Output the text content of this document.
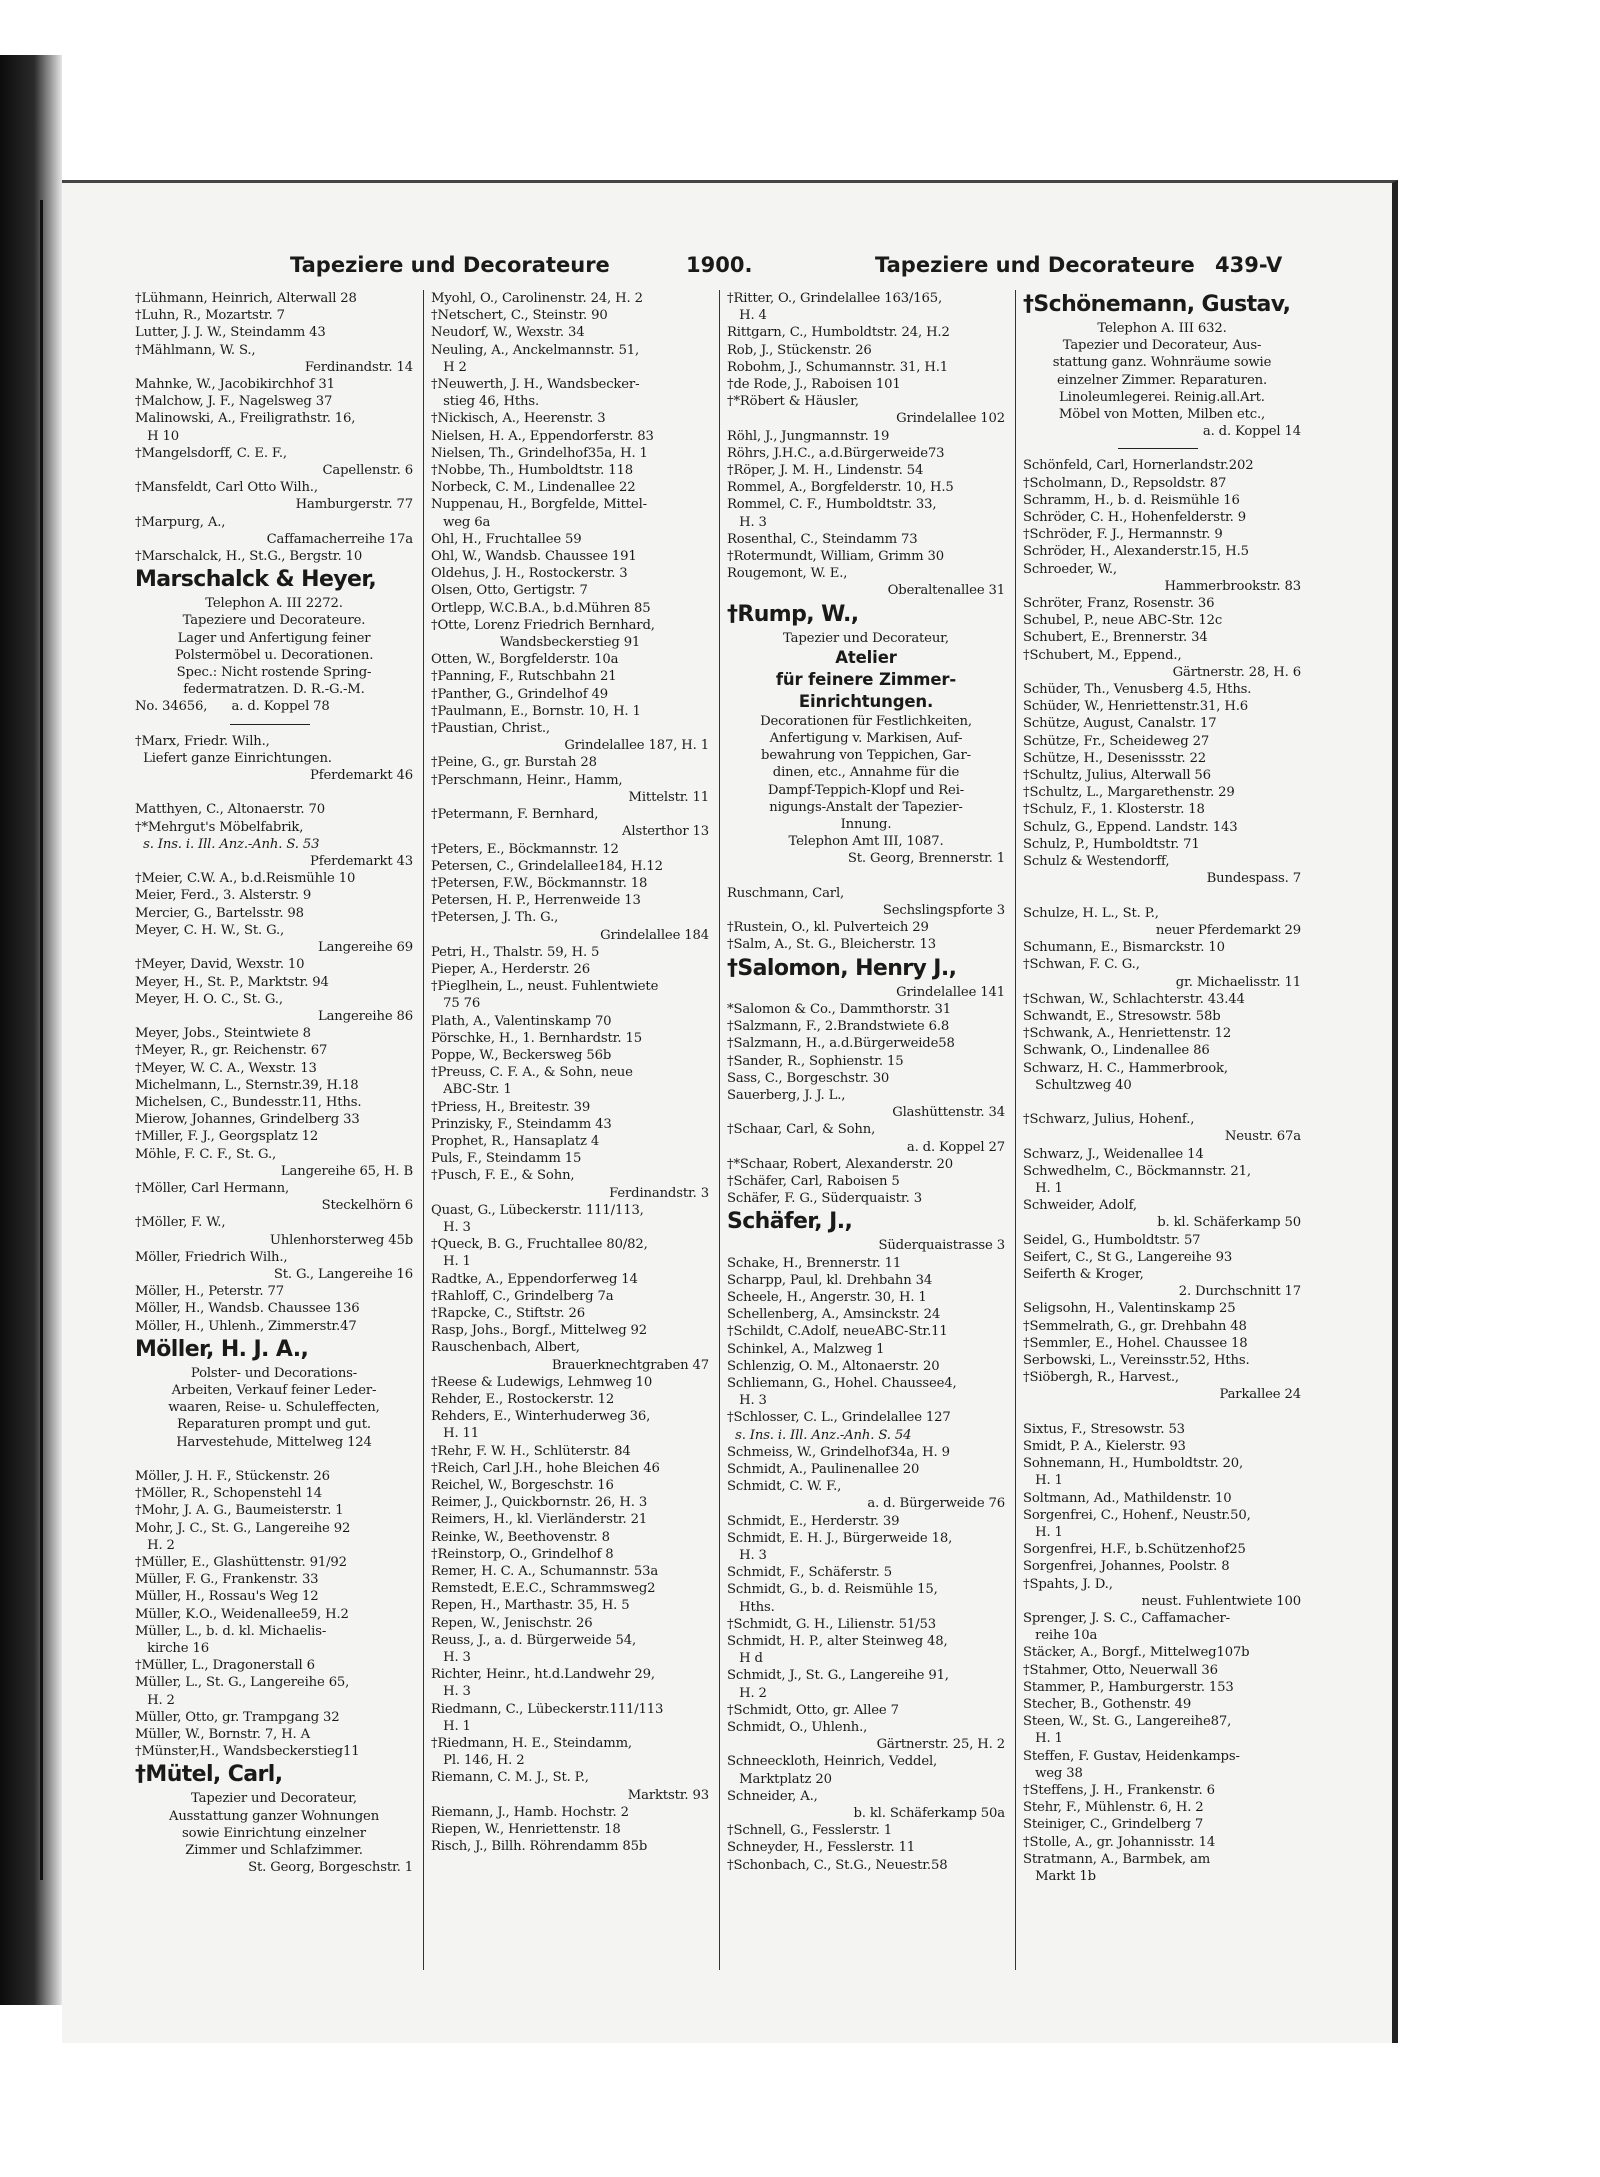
Tapeziere und Decorateure	1900.	Tapeziere und Decorateure 439-V
†Lühmann, Heinrich, Alterwall 28
†Luhn, R., Mozartstr. 7
Lutter, J. J. W., Steindamm 43
†Mählmann, W. S.,
Ferdinandstr. 14
Mahnke, W., Jacobikirchhof 31
†Malchow, J. F., Nagelsweg 37
Malinowski, A., Freiligrathstr. 16,
H 10
†Mangelsdorff, C. E. F.,
Capellenstr. 6
†Mansfeldt, Carl Otto Wilh.,
Hamburgerstr. 77
†Marpurg, A.,
Caffamacherreihe 17a
†Marschalck, H., St.G., Bergstr. 10
Marschalck & Heyer,
Telephon A. III 2272.
Tapeziere und Decorateure.
Lager und Anfertigung feiner
Polstermöbel u. Decorationen.
Spec.: Nicht rostende Spring-
federmatratzen. D. R.-G.-M.
No. 34656,      a. d. Koppel 78
†Marx, Friedr. Wilh.,
Liefert ganze Einrichtungen.
Pferdemarkt 46
Matthyen, C., Altonaerstr. 70
†*Mehrgut's Möbelfabrik,
s. Ins. i. Ill. Anz.-Anh. S. 53
Pferdemarkt 43
†Meier, C.W. A., b.d.Reismühle 10
Meier, Ferd., 3. Alsterstr. 9
Mercier, G., Bartelsstr. 98
Meyer, C. H. W., St. G.,
Langereihe 69
†Meyer, David, Wexstr. 10
Meyer, H., St. P., Marktstr. 94
Meyer, H. O. C., St. G.,
Langereihe 86
Meyer, Jobs., Steintwiete 8
†Meyer, R., gr. Reichenstr. 67
†Meyer, W. C. A., Wexstr. 13
Michelmann, L., Sternstr.39, H.18
Michelsen, C., Bundesstr.11, Hths.
Mierow, Johannes, Grindelberg 33
†Miller, F. J., Georgsplatz 12
Möhle, F. C. F., St. G.,
Langereihe 65, H. B
†Möller, Carl Hermann,
Steckelhörn 6
†Möller, F. W.,
Uhlenhorsterweg 45b
Möller, Friedrich Wilh.,
St. G., Langereihe 16
Möller, H., Peterstr. 77
Möller, H., Wandsb. Chaussee 136
Möller, H., Uhlenh., Zimmerstr.47
Möller, H. J. A.,
Polster- und Decorations-
Arbeiten, Verkauf feiner Leder-
waaren, Reise- u. Schuleffecten,
Reparaturen prompt und gut.
Harvestehude, Mittelweg 124
Möller, J. H. F., Stückenstr. 26
†Möller, R., Schopenstehl 14
†Mohr, J. A. G., Baumeisterstr. 1
Mohr, J. C., St. G., Langereihe 92
H. 2
†Müller, E., Glashüttenstr. 91/92
Müller, F. G., Frankenstr. 33
Müller, H., Rossau's Weg 12
Müller, K.O., Weidenallee59, H.2
Müller, L., b. d. kl. Michaelis-
kirche 16
†Müller, L., Dragonerstall 6
Müller, L., St. G., Langereihe 65,
H. 2
Müller, Otto, gr. Trampgang 32
Müller, W., Bornstr. 7, H. A
†Münster,H., Wandsbeckerstieg11
†Mütel, Carl,
Tapezier und Decorateur,
Ausstattung ganzer Wohnungen
sowie Einrichtung einzelner
Zimmer und Schlafzimmer.
St. Georg, Borgeschstr. 1
Myohl, O., Carolinenstr. 24, H. 2
†Netschert, C., Steinstr. 90
Neudorf, W., Wexstr. 34
Neuling, A., Anckelmannstr. 51,
H 2
†Neuwerth, J. H., Wandsbecker-
stieg 46, Hths.
†Nickisch, A., Heerenstr. 3
Nielsen, H. A., Eppendorferstr. 83
Nielsen, Th., Grindelhof35a, H. 1
†Nobbe, Th., Humboldtstr. 118
Norbeck, C. M., Lindenallee 22
Nuppenau, H., Borgfelde, Mittel-
weg 6a
Ohl, H., Fruchtallee 59
Ohl, W., Wandsb. Chaussee 191
Oldehus, J. H., Rostockerstr. 3
Olsen, Otto, Gertigstr. 7
Ortlepp, W.C.B.A., b.d.Mühren 85
†Otte, Lorenz Friedrich Bernhard,
Wandsbeckerstieg 91
Otten, W., Borgfelderstr. 10a
†Panning, F., Rutschbahn 21
†Panther, G., Grindelhof 49
†Paulmann, E., Bornstr. 10, H. 1
†Paustian, Christ.,
Grindelallee 187, H. 1
†Peine, G., gr. Burstah 28
†Perschmann, Heinr., Hamm,
Mittelstr. 11
†Petermann, F. Bernhard,
Alsterthor 13
†Peters, E., Böckmannstr. 12
Petersen, C., Grindelallee184, H.12
†Petersen, F.W., Böckmannstr. 18
Petersen, H. P., Herrenweide 13
†Petersen, J. Th. G.,
Grindelallee 184
Petri, H., Thalstr. 59, H. 5
Pieper, A., Herderstr. 26
†Pieglhein, L., neust. Fuhlentwiete
75 76
Plath, A., Valentinskamp 70
Pörschke, H., 1. Bernhardstr. 15
Poppe, W., Beckersweg 56b
†Preuss, C. F. A., & Sohn, neue
ABC-Str. 1
†Priess, H., Breitestr. 39
Prinzisky, F., Steindamm 43
Prophet, R., Hansaplatz 4
Puls, F., Steindamm 15
†Pusch, F. E., & Sohn,
Ferdinandstr. 3
Quast, G., Lübeckerstr. 111/113,
H. 3
†Queck, B. G., Fruchtallee 80/82,
H. 1
Radtke, A., Eppendorferweg 14
†Rahloff, C., Grindelberg 7a
†Rapcke, C., Stiftstr. 26
Rasp, Johs., Borgf., Mittelweg 92
Rauschenbach, Albert,
Brauerknechtgraben 47
†Reese & Ludewigs, Lehmweg 10
Rehder, E., Rostockerstr. 12
Rehders, E., Winterhuderweg 36,
H. 11
†Rehr, F. W. H., Schlüterstr. 84
†Reich, Carl J.H., hohe Bleichen 46
Reichel, W., Borgeschstr. 16
Reimer, J., Quickbornstr. 26, H. 3
Reimers, H., kl. Vierländerstr. 21
Reinke, W., Beethovenstr. 8
†Reinstorp, O., Grindelhof 8
Remer, H. C. A., Schumannstr. 53a
Remstedt, E.E.C., Schrammsweg2
Repen, H., Marthastr. 35, H. 5
Repen, W., Jenischstr. 26
Reuss, J., a. d. Bürgerweide 54,
H. 3
Richter, Heinr., ht.d.Landwehr 29,
H. 3
Riedmann, C., Lübeckerstr.111/113
H. 1
†Riedmann, H. E., Steindamm,
Pl. 146, H. 2
Riemann, C. M. J., St. P.,
Marktstr. 93
Riemann, J., Hamb. Hochstr. 2
Riepen, W., Henriettenstr. 18
Risch, J., Billh. Röhrendamm 85b
†Ritter, O., Grindelallee 163/165,
H. 4
Rittgarn, C., Humboldtstr. 24, H.2
Rob, J., Stückenstr. 26
Robohm, J., Schumannstr. 31, H.1
†de Rode, J., Raboisen 101
†*Röbert & Häusler,
Grindelallee 102
Röhl, J., Jungmannstr. 19
Röhrs, J.H.C., a.d.Bürgerweide73
†Röper, J. M. H., Lindenstr. 54
Rommel, A., Borgfelderstr. 10, H.5
Rommel, C. F., Humboldtstr. 33,
H. 3
Rosenthal, C., Steindamm 73
†Rotermundt, William, Grimm 30
Rougemont, W. E.,
Oberaltenallee 31
†Rump, W.,
Tapezier und Decorateur,
Atelier
für feinere Zimmer-
Einrichtungen.
Decorationen für Festlichkeiten,
Anfertigung v. Markisen, Auf-
bewahrung von Teppichen, Gar-
dinen, etc., Annahme für die
Dampf-Teppich-Klopf und Rei-
nigungs-Anstalt der Tapezier-
Innung.
Telephon Amt III, 1087.
St. Georg, Brennerstr. 1
Ruschmann, Carl,
Sechslingspforte 3
†Rustein, O., kl. Pulverteich 29
†Salm, A., St. G., Bleicherstr. 13
†Salomon, Henry J.,
Grindelallee 141
*Salomon & Co., Dammthorstr. 31
†Salzmann, F., 2.Brandstwiete 6.8
†Salzmann, H., a.d.Bürgerweide58
†Sander, R., Sophienstr. 15
Sass, C., Borgeschstr. 30
Sauerberg, J. J. L.,
Glashüttenstr. 34
†Schaar, Carl, & Sohn,
a. d. Koppel 27
†*Schaar, Robert, Alexanderstr. 20
†Schäfer, Carl, Raboisen 5
Schäfer, F. G., Süderquaistr. 3
Schäfer, J.,
Süderquaistrasse 3
Schake, H., Brennerstr. 11
Scharpp, Paul, kl. Drehbahn 34
Scheele, H., Angerstr. 30, H. 1
Schellenberg, A., Amsinckstr. 24
†Schildt, C.Adolf, neueABC-Str.11
Schinkel, A., Malzweg 1
Schlenzig, O. M., Altonaerstr. 20
Schliemann, G., Hohel. Chaussee4,
H. 3
†Schlosser, C. L., Grindelallee 127
s. Ins. i. Ill. Anz.-Anh. S. 54
Schmeiss, W., Grindelhof34a, H. 9
Schmidt, A., Paulinenallee 20
Schmidt, C. W. F.,
a. d. Bürgerweide 76
Schmidt, E., Herderstr. 39
Schmidt, E. H. J., Bürgerweide 18,
H. 3
Schmidt, F., Schäferstr. 5
Schmidt, G., b. d. Reismühle 15,
Hths.
†Schmidt, G. H., Lilienstr. 51/53
Schmidt, H. P., alter Steinweg 48,
H d
Schmidt, J., St. G., Langereihe 91,
H. 2
†Schmidt, Otto, gr. Allee 7
Schmidt, O., Uhlenh.,
Gärtnerstr. 25, H. 2
Schneeckloth, Heinrich, Veddel,
Marktplatz 20
Schneider, A.,
b. kl. Schäferkamp 50a
†Schnell, G., Fesslerstr. 1
Schneyder, H., Fesslerstr. 11
†Schonbach, C., St.G., Neuestr.58
†Schönemann, Gustav,
Telephon A. III 632.
Tapezier und Decorateur, Aus-
stattung ganz. Wohnräume sowie
einzelner Zimmer. Reparaturen.
Linoleumlegerei. Reinig.all.Art.
Möbel von Motten, Milben etc.,
a. d. Koppel 14
Schönfeld, Carl, Hornerlandstr.202
†Scholmann, D., Repsoldstr. 87
Schramm, H., b. d. Reismühle 16
Schröder, C. H., Hohenfelderstr. 9
†Schröder, F. J., Hermannstr. 9
Schröder, H., Alexanderstr.15, H.5
Schroeder, W.,
Hammerbrookstr. 83
Schröter, Franz, Rosenstr. 36
Schubel, P., neue ABC-Str. 12c
Schubert, E., Brennerstr. 34
†Schubert, M., Eppend.,
Gärtnerstr. 28, H. 6
Schüder, Th., Venusberg 4.5, Hths.
Schüder, W., Henriettenstr.31, H.6
Schütze, August, Canalstr. 17
Schütze, Fr., Scheideweg 27
Schütze, H., Desenissstr. 22
†Schultz, Julius, Alterwall 56
†Schultz, L., Margarethenstr. 29
†Schulz, F., 1. Klosterstr. 18
Schulz, G., Eppend. Landstr. 143
Schulz, P., Humboldtstr. 71
Schulz & Westendorff,
Bundespass. 7
Schulze, H. L., St. P.,
neuer Pferdemarkt 29
Schumann, E., Bismarckstr. 10
†Schwan, F. C. G.,
gr. Michaelisstr. 11
†Schwan, W., Schlachterstr. 43.44
Schwandt, E., Stresowstr. 58b
†Schwank, A., Henriettenstr. 12
Schwank, O., Lindenallee 86
Schwarz, H. C., Hammerbrook,
Schultzweg 40
†Schwarz, Julius, Hohenf.,
Neustr. 67a
Schwarz, J., Weidenallee 14
Schwedhelm, C., Böckmannstr. 21,
H. 1
Schweider, Adolf,
b. kl. Schäferkamp 50
Seidel, G., Humboldtstr. 57
Seifert, C., St G., Langereihe 93
Seiferth & Kroger,
2. Durchschnitt 17
Seligsohn, H., Valentinskamp 25
†Semmelrath, G., gr. Drehbahn 48
†Semmler, E., Hohel. Chaussee 18
Serbowski, L., Vereinsstr.52, Hths.
†Siöbergh, R., Harvest.,
Parkallee 24
Sixtus, F., Stresowstr. 53
Smidt, P. A., Kielerstr. 93
Sohnemann, H., Humboldtstr. 20,
H. 1
Soltmann, Ad., Mathildenstr. 10
Sorgenfrei, C., Hohenf., Neustr.50,
H. 1
Sorgenfrei, H.F., b.Schützenhof25
Sorgenfrei, Johannes, Poolstr. 8
†Spahts, J. D.,
neust. Fuhlentwiete 100
Sprenger, J. S. C., Caffamacher-
reihe 10a
Stäcker, A., Borgf., Mittelweg107b
†Stahmer, Otto, Neuerwall 36
Stammer, P., Hamburgerstr. 153
Stecher, B., Gothenstr. 49
Steen, W., St. G., Langereihe87,
H. 1
Steffen, F. Gustav, Heidenkamps-
weg 38
†Steffens, J. H., Frankenstr. 6
Stehr, F., Mühlenstr. 6, H. 2
Steiniger, C., Grindelberg 7
†Stolle, A., gr. Johannisstr. 14
Stratmann, A., Barmbek, am
Markt 1b
